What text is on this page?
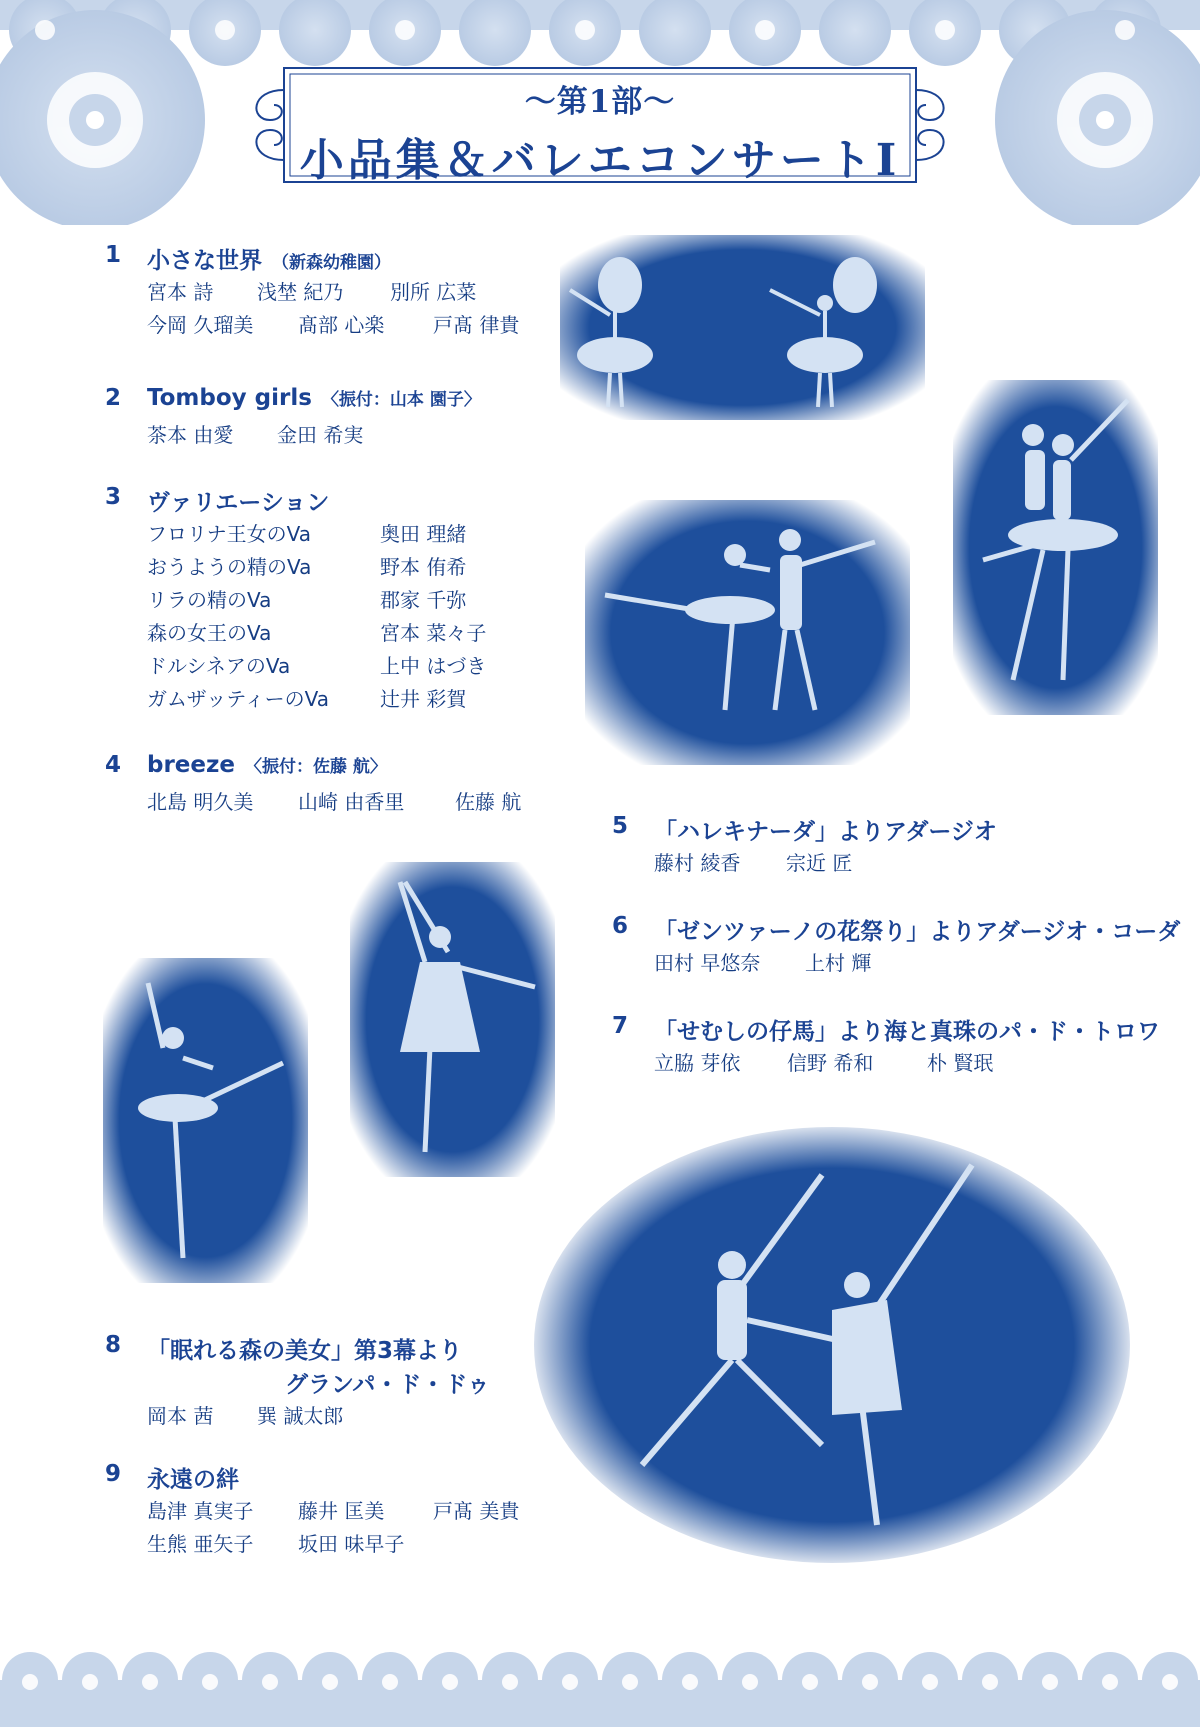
〜第1部〜
小品集＆バレエコンサートⅠ
1	小さな世界 （新森幼稚園）
宮本 詩 浅埜 紀乃 別所 広菜
今岡 久瑠美 髙部 心楽 戸髙 律貴
2	Tomboy girls 〈振付：山本 園子〉
茶本 由愛 金田 希実
3	ヴァリエーション
フロリナ王女のVa	奥田 理緒
おうようの精のVa	野本 侑希
リラの精のVa	郡家 千弥
森の女王のVa	宮本 菜々子
ドルシネアのVa	上中 はづき
ガムザッティーのVa	辻井 彩賀
4	breeze 〈振付：佐藤 航〉
北島 明久美 山崎 由香里	佐藤 航
5	「ハレキナーダ」よりアダージオ
藤村 綾香 宗近 匠
6	「ゼンツァーノの花祭り」よりアダージオ・コーダ
田村 早悠奈 上村 輝
7	「せむしの仔馬」より海と真珠のパ・ド・トロワ
立脇 芽依 信野 希和	朴 賢珉
8	「眠れる森の美女」第3幕より
グランパ・ド・ドゥ
岡本 茜 巽 誠太郎
9	永遠の絆
島津 真実子 藤井 匡美 戸髙 美貴
生熊 亜矢子 坂田 味早子
